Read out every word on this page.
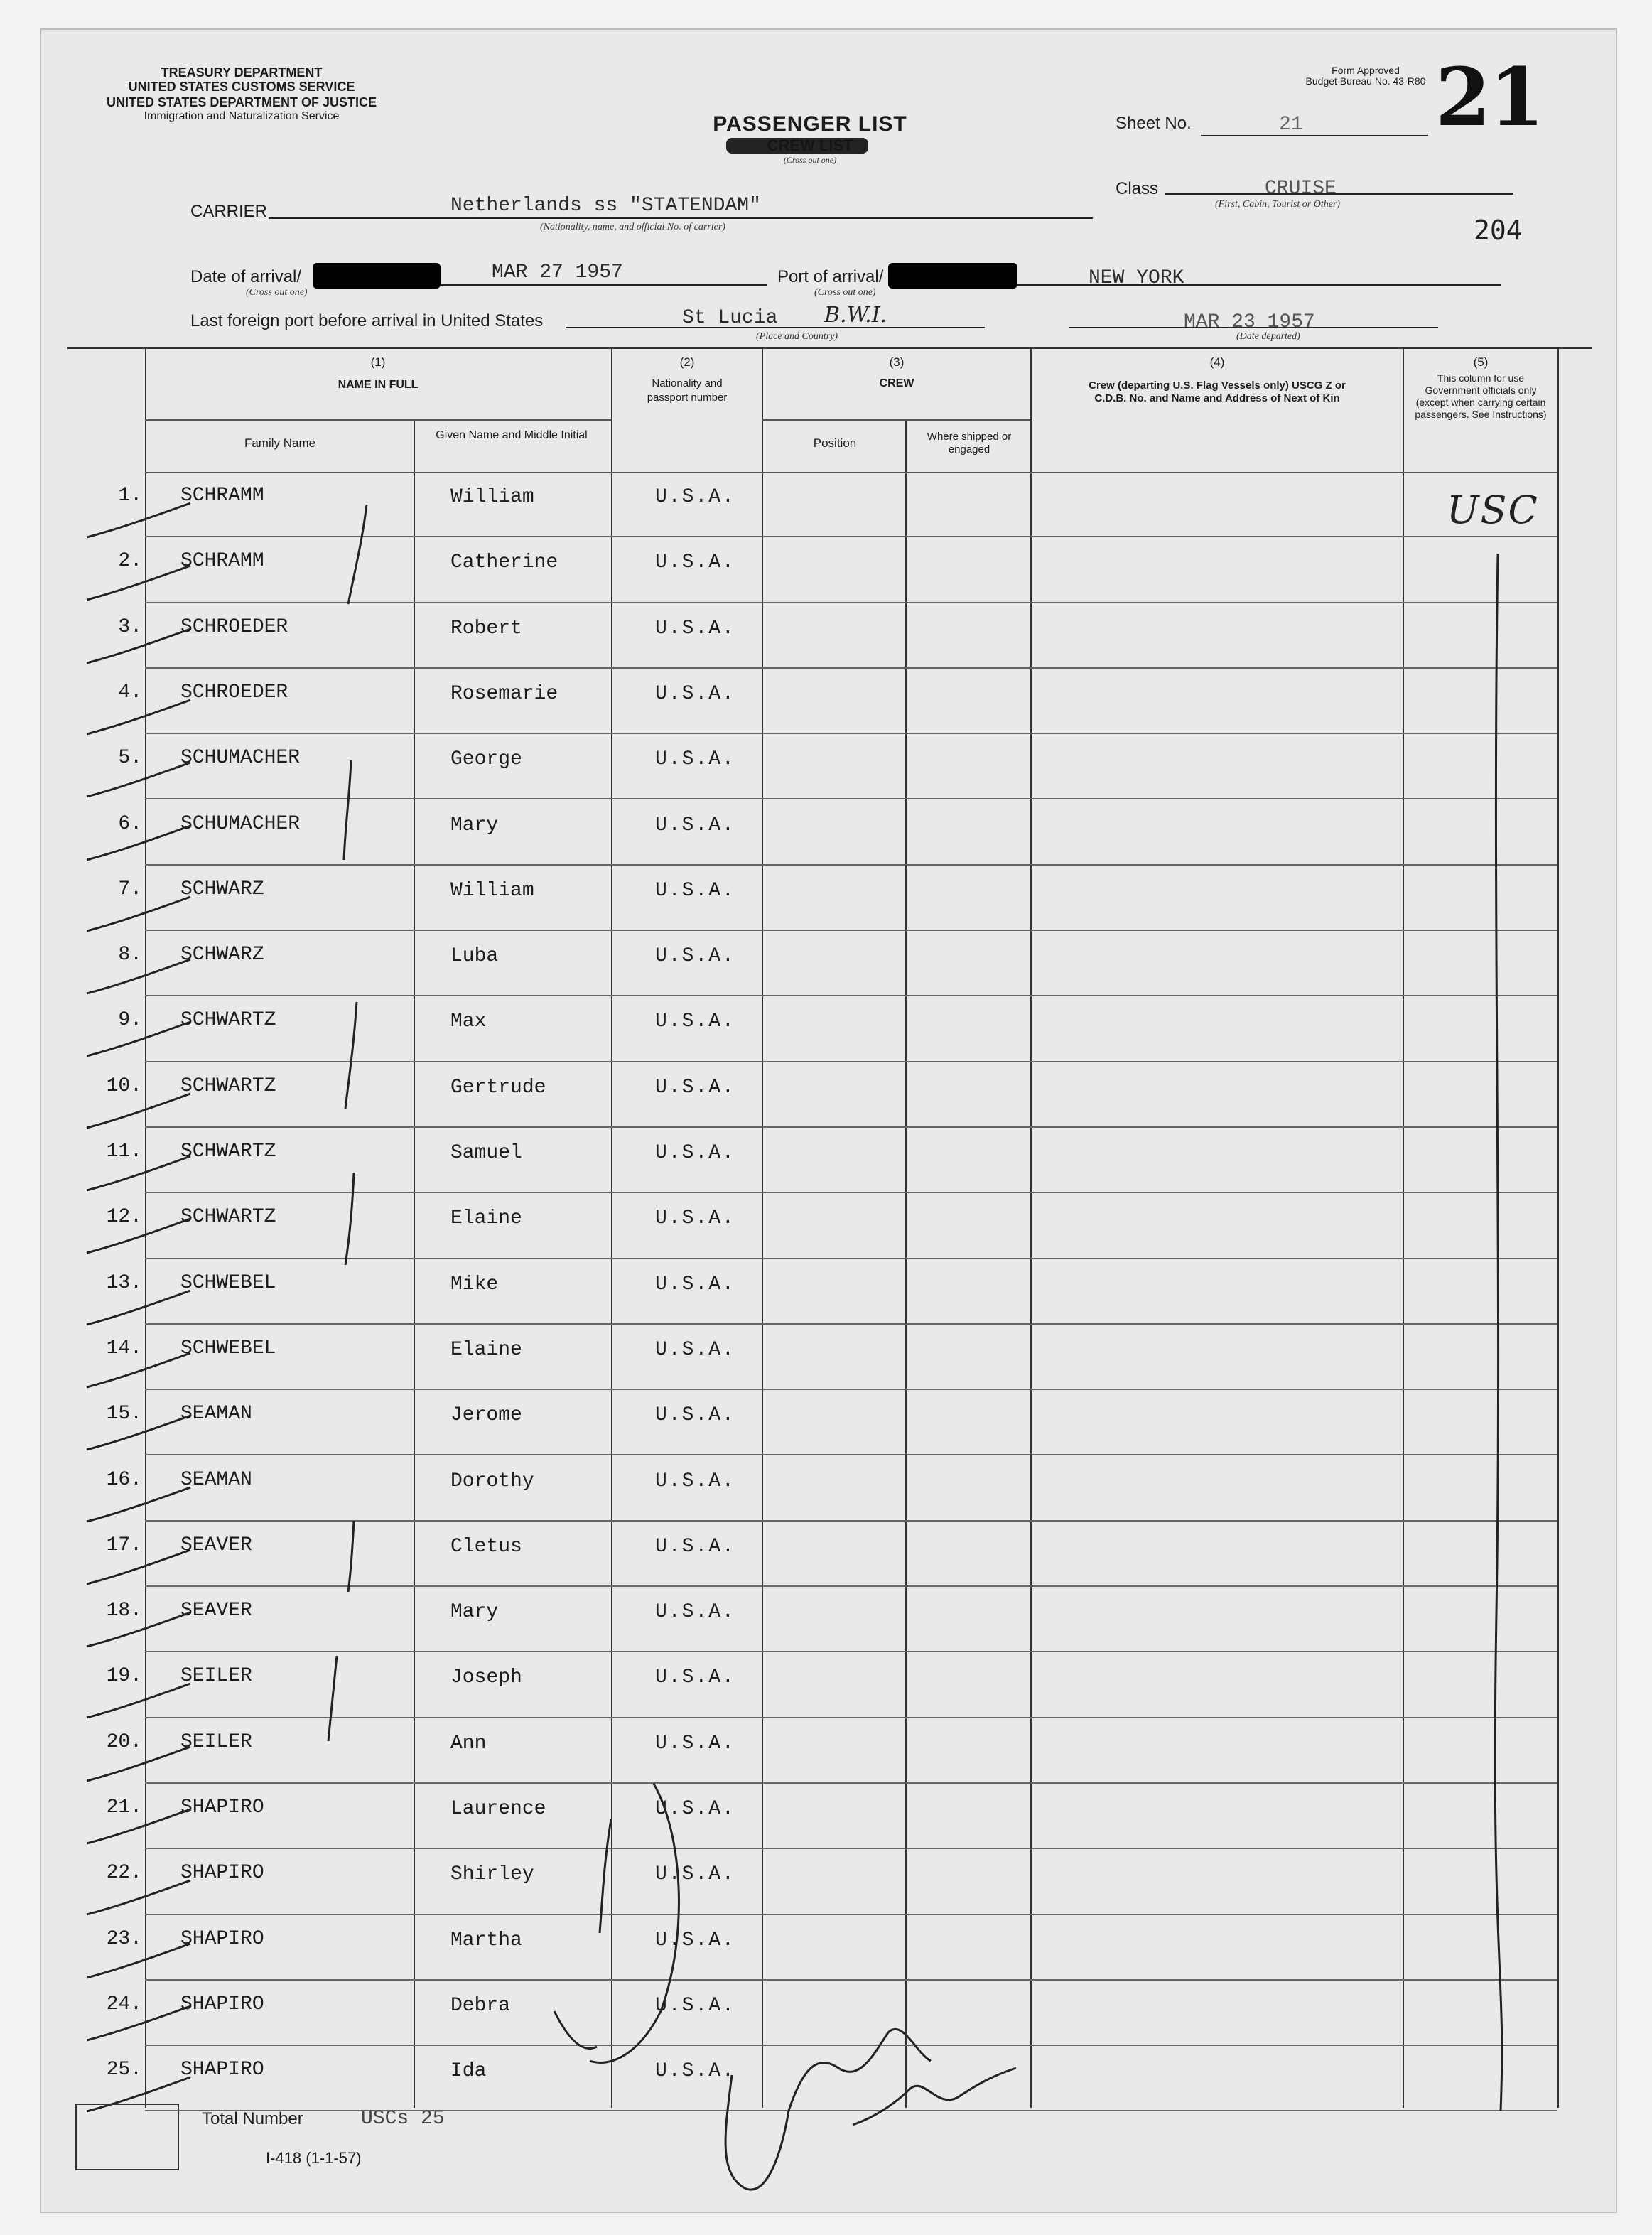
TREASURY DEPARTMENT
UNITED STATES CUSTOMS SERVICE
UNITED STATES DEPARTMENT OF JUSTICE
Immigration and Naturalization Service	PASSENGER LIST
(Cross out one)
Form Approved
Budget Bureau No. 43-R80 21
Sheet No.	21
Class	CRUISE
(First, Cabin, Tourist or Other)
204
CARRIER	Netherlands ss "STATENDAM"
(Nationality, name, and official No. of carrier)
Date of arrival/	MAR 27 1957
(Cross out one)
Port of arrival/	NEW YORK
(Cross out one)
Last foreign port before arrival in United States	St Lucia B.W.I.
(Place and Country)
MAR 23 1957
(Date departed)
(1)
NAME IN FULL
Family Name
Given Name and Middle Initial
(2)
Nationality and passport number
(3)
CREW
Position	Where shipped or engaged
(4)
Crew (departing U.S. Flag Vessels only) USCG Z or C.D.B. No. and Name and Address of Next of Kin
(5)
This column for use Government officials only (except when carrying certain passengers. See Instructions)
1. SCHRAMM	William	U.S.A.
2. SCHRAMM	Catherine	U.S.A.
3. SCHROEDER	Robert	U.S.A.
4. SCHROEDER	Rosemarie	U.S.A.
5. SCHUMACHER	George	U.S.A.
6. SCHUMACHER	Mary	U.S.A.
7. SCHWARZ	William	U.S.A.
8. SCHWARZ	Luba	U.S.A.
9. SCHWARTZ	Max	U.S.A.
10. SCHWARTZ	Gertrude	U.S.A.
11. SCHWARTZ	Samuel	U.S.A.
12. SCHWARTZ	Elaine	U.S.A.
13. SCHWEBEL	Mike	U.S.A.
14. SCHWEBEL	Elaine	U.S.A.
15. SEAMAN	Jerome	U.S.A.
16. SEAMAN	Dorothy	U.S.A.
17. SEAVER	Cletus	U.S.A.
18. SEAVER	Mary	U.S.A.
19. SEILER	Joseph	U.S.A.
20. SEILER	Ann	U.S.A.
21. SHAPIRO	Laurence	U.S.A.
22. SHAPIRO	Shirley	U.S.A.
23. SHAPIRO	Martha	U.S.A.
24. SHAPIRO	Debra	U.S.A.
25. SHAPIRO	Ida	U.S.A.
USC
Total Number	USCs 25
I-418 (1-1-57)
